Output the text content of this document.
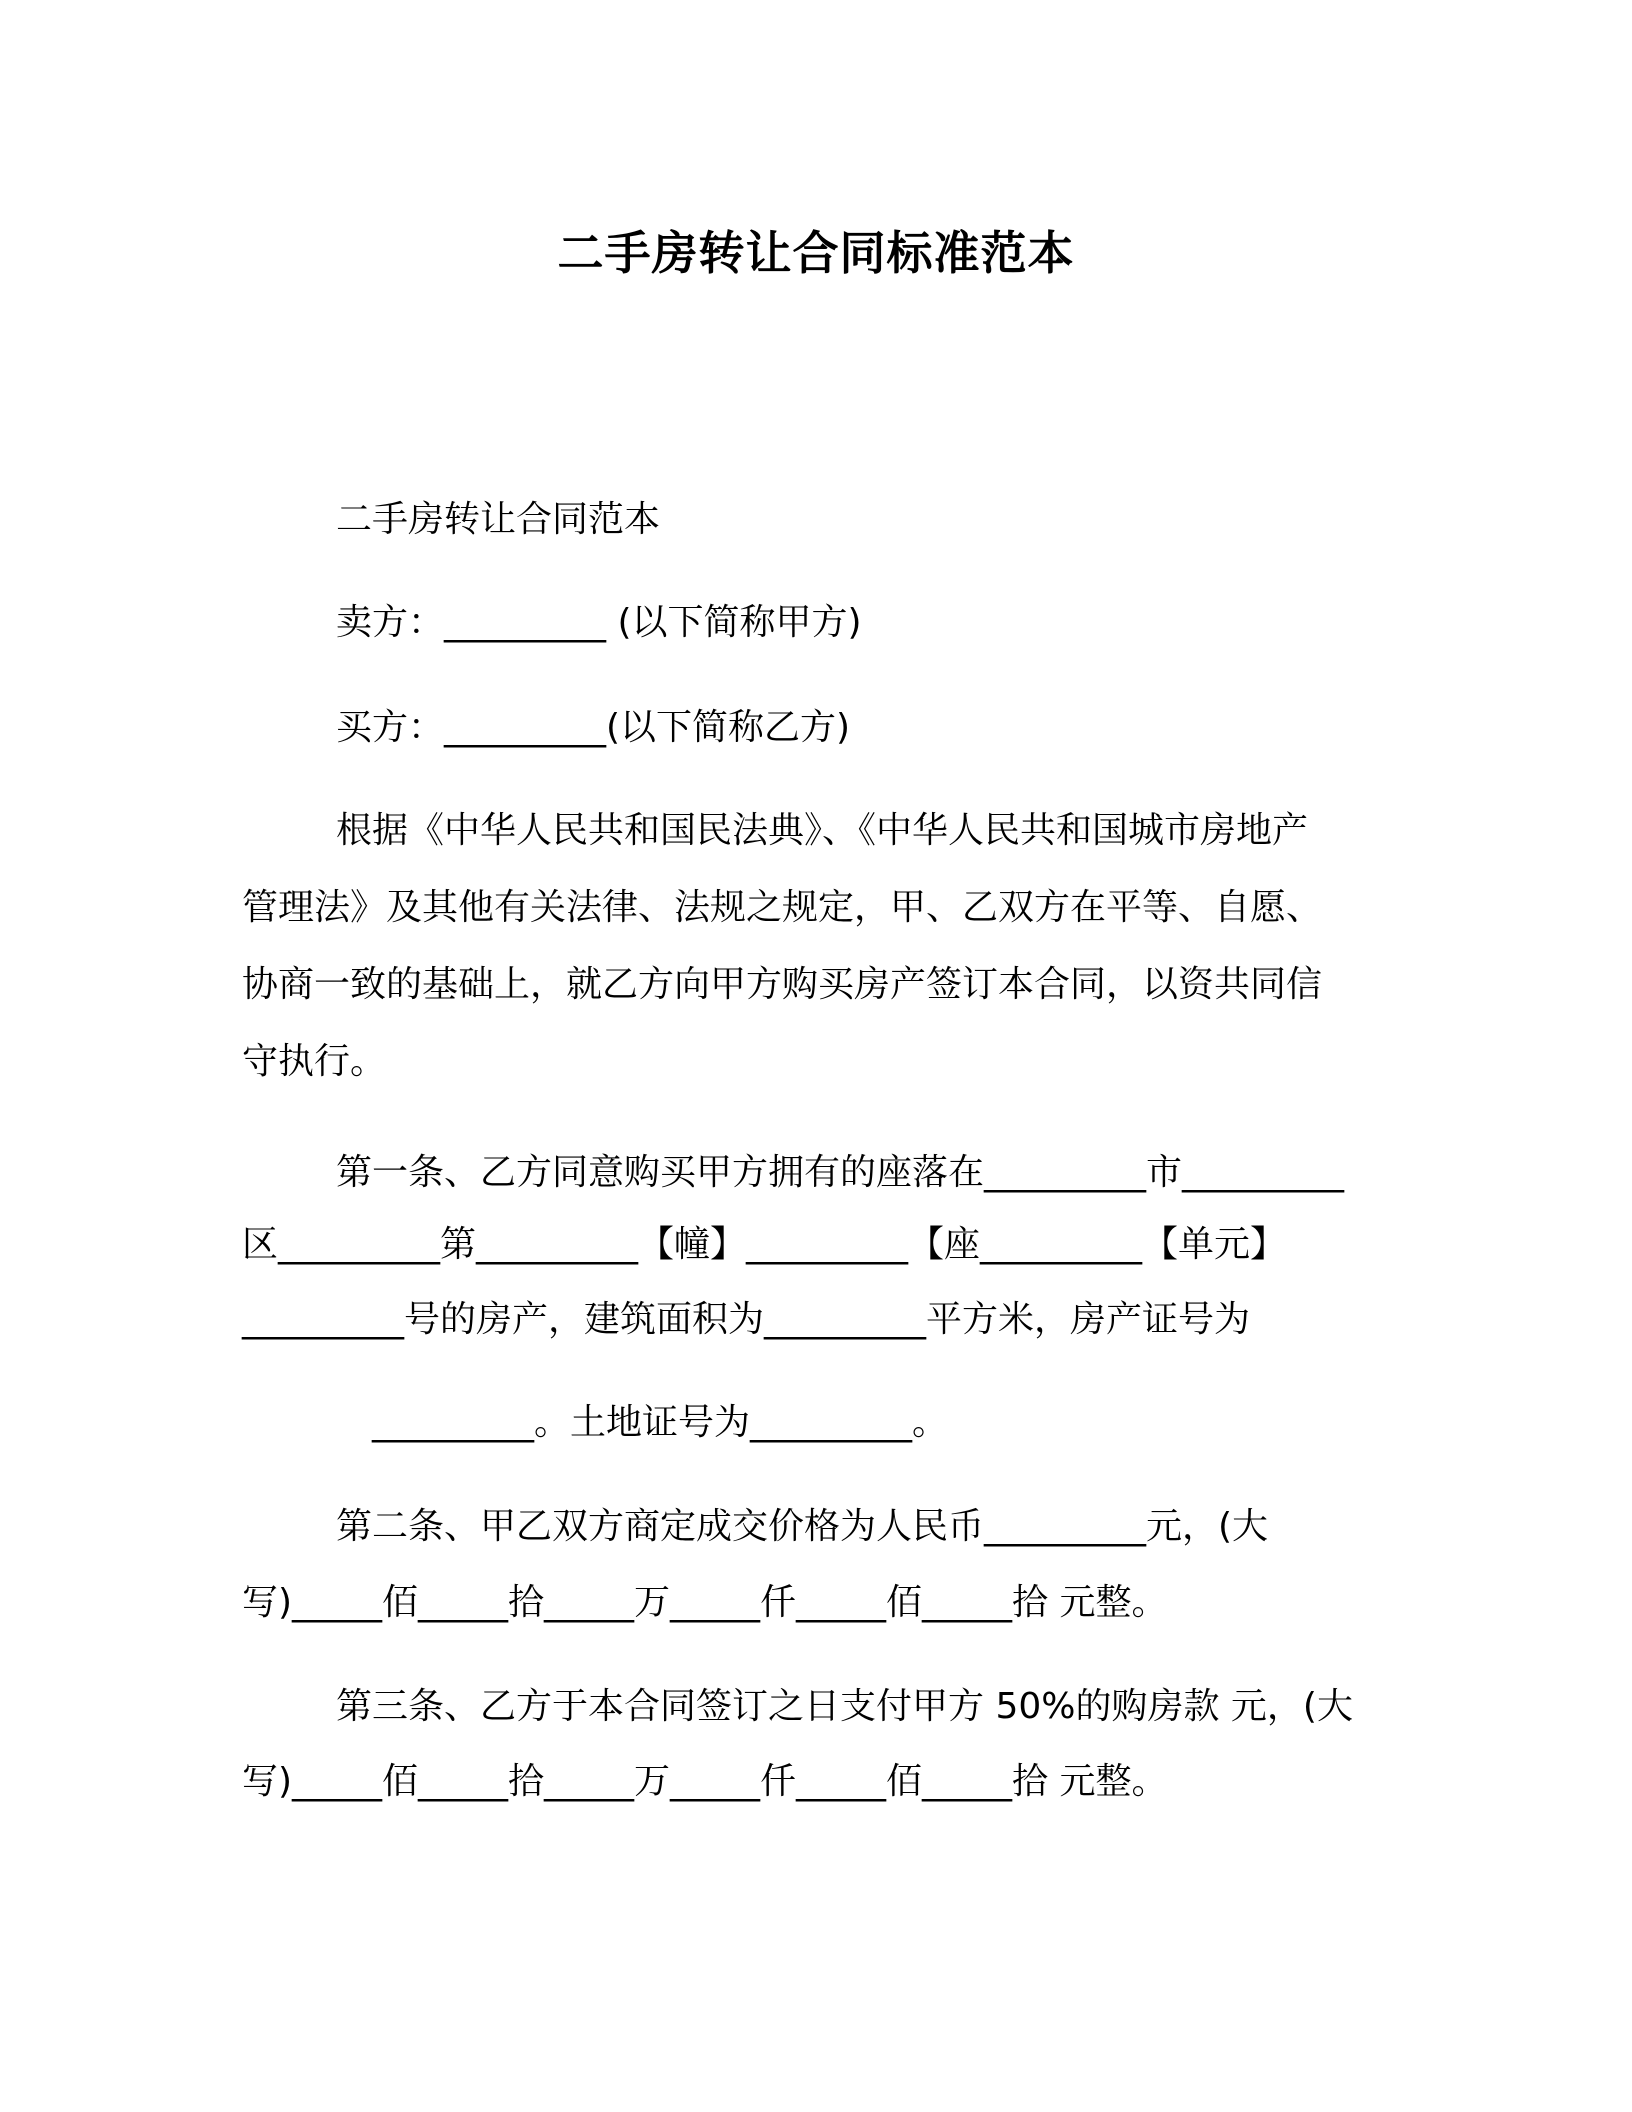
二手房转让合同标准范本

二手房转让合同范本

卖方：_________ (以下简称甲方)

买方：_________(以下简称乙方)

根据《中华人民共和国民法典》、《中华人民共和国城市房地产

管理法》及其他有关法律、法规之规定，甲、乙双方在平等、自愿、

协商一致的基础上，就乙方向甲方购买房产签订本合同，以资共同信

守执行。

第一条、乙方同意购买甲方拥有的座落在_________市_________

区_________第_________【幢】_________【座_________【单元】

_________号的房产，建筑面积为_________平方米，房产证号为

_________。土地证号为_________。

第二条、甲乙双方商定成交价格为人民币_________元，(大

写)_____佰_____拾_____万_____仟_____佰_____拾 元整。

第三条、乙方于本合同签订之日支付甲方 50%的购房款 元，(大

写)_____佰_____拾_____万_____仟_____佰_____拾 元整。
